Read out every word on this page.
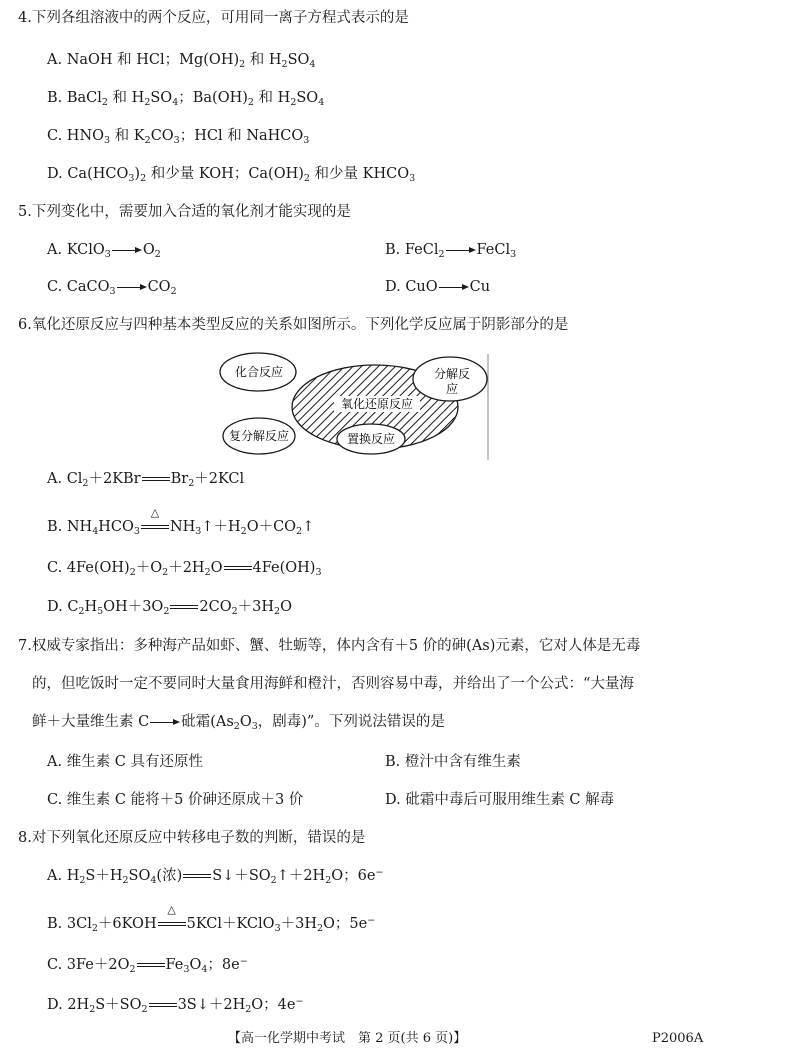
4.下列各组溶液中的两个反应，可用同一离子方程式表示的是
A. NaOH 和 HCl；$Mg(OH)_2$ 和 $H_2SO_4$
B. BaCl$_2$ 和 $H_2SO_4$；$Ba(OH)_2$ 和 $H_2SO_4$
C. $HNO_3$ 和 $K_2CO_3$；HCl 和 NaHCO$_3$
D. $Ca(HCO_3)_2$ 和少量 KOH；$Ca(OH)_2$ 和少量 $KHCO_3$
5.下列变化中，需要加入合适的氧化剂才能实现的是
A. KClO$_3$ $O_2$	B. FeCl$_2$ FeCl$_3$
C. CaCO$_3$ $CO_2$	D. CuO Cu
6.氧化还原反应与四种基本类型反应的关系如图所示。下列化学反应属于阴影部分的是
化合反应	分解反
应
氧化还原反应
复分解反应	置换反应
A. $Cl_2+2KBr$ $Br_2+2KCl$
B. $NH_4HCO_3$
△
$NH_3↑+H_2O+CO_2↑$
C. $4Fe(OH)_2+O_2+2H_2O$ $4Fe(OH)_3$
D. $C_2H_5OH+3O_2$ $2CO_2+3H_2O$
7.权威专家指出：多种海产品如虾、蟹、牡蛎等，体内含有＋5 价的砷(As)元素，它对人体是无毒
的，但吃饭时一定不要同时大量食用海鲜和橙汁，否则容易中毒，并给出了一个公式：“大量海
鲜＋大量维生素 C 砒霜($As_2O_3$，剧毒)”。下列说法错误的是
A. 维生素 C 具有还原性	B. 橙汁中含有维生素
C. 维生素 C 能将＋5 价砷还原成＋3 价	D. 砒霜中毒后可服用维生素 C 解毒
8.对下列氧化还原反应中转移电子数的判断，错误的是
A. $H_2S+H_2SO_4$(浓) $S↓+SO_2↑+2H_2O$；6e−
B. $3Cl_2+6KOH$
△
$5KCl+KClO_3+3H_2O$；5e−
C. $3Fe+2O_2$ $Fe_3O_4$；8e−
D. $2H_2S+SO_2$ $3S↓+2H_2O$；4e−
【高一化学期中考试　第 2 页(共 6 页)】	P2006A
